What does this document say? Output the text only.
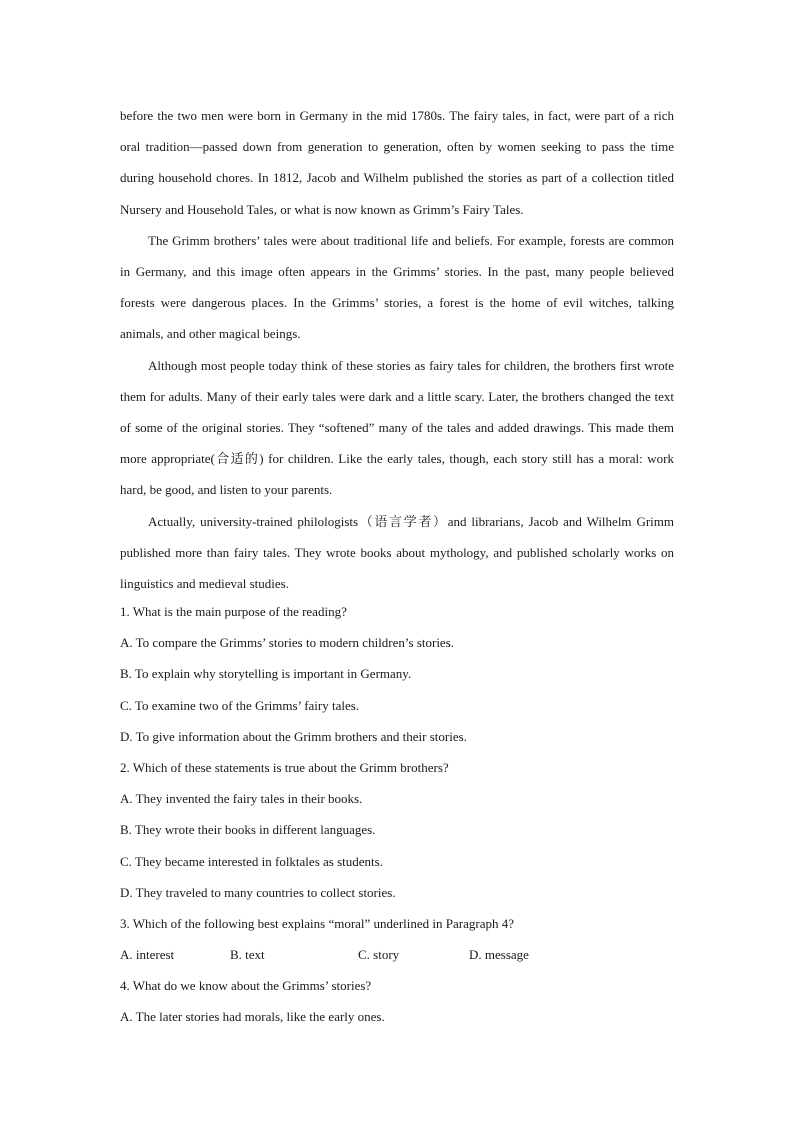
before the two men were born in Germany in the mid 1780s. The fairy tales, in fact, were part of a rich oral tradition—passed down from generation to generation, often by women seeking to pass the time during household chores. In 1812, Jacob and Wilhelm published the stories as part of a collection titled Nursery and Household Tales, or what is now known as Grimm’s Fairy Tales.

The Grimm brothers’ tales were about traditional life and beliefs. For example, forests are common in Germany, and this image often appears in the Grimms’ stories. In the past, many people believed forests were dangerous places. In the Grimms’ stories, a forest is the home of evil witches, talking animals, and other magical beings.

Although most people today think of these stories as fairy tales for children, the brothers first wrote them for adults. Many of their early tales were dark and a little scary. Later, the brothers changed the text of some of the original stories. They “softened” many of the tales and added drawings. This made them more appropriate(合适的) for children. Like the early tales, though, each story still has a moral: work hard, be good, and listen to your parents.

Actually, university-trained philologists（语言学者）and librarians, Jacob and Wilhelm Grimm published more than fairy tales. They wrote books about mythology, and published scholarly works on linguistics and medieval studies.

1. What is the main purpose of the reading?

A. To compare the Grimms’ stories to modern children’s stories.

B. To explain why storytelling is important in Germany.

C. To examine two of the Grimms’ fairy tales.

D. To give information about the Grimm brothers and their stories.

2. Which of these statements is true about the Grimm brothers?

A. They invented the fairy tales in their books.

B. They wrote their books in different languages.

C. They became interested in folktales as students.

D. They traveled to many countries to collect stories.

3. Which of the following best explains “moral” underlined in Paragraph 4?

A. interest	B. text	C. story	D. message

4. What do we know about the Grimms’ stories?

A. The later stories had morals, like the early ones.
